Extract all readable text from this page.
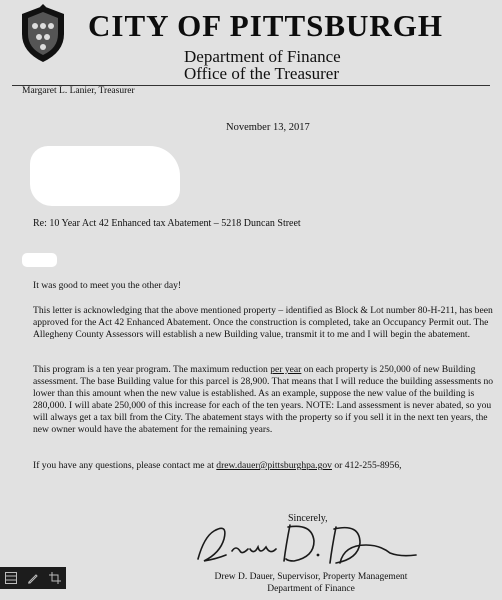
CITY OF PITTSBURGH
Department of Finance
Office of the Treasurer
Margaret L. Lanier, Treasurer
November 13, 2017
Re: 10 Year Act 42 Enhanced tax Abatement – 5218 Duncan Street
It was good to meet you the other day!
This letter is acknowledging that the above mentioned property – identified as Block & Lot number 80-H-211, has been approved for the Act 42 Enhanced Abatement. Once the construction is completed, take an Occupancy Permit out. The Allegheny County Assessors will establish a new Building value, transmit it to me and I will begin the abatement.
This program is a ten year program. The maximum reduction per year on each property is 250,000 of new Building assessment. The base Building value for this parcel is 28,900. That means that I will reduce the building assessments no lower than this amount when the new value is established. As an example, suppose the new value of the building is 280,000. I will abate 250,000 of this increase for each of the ten years. NOTE: Land assessment is never abated, so you will always get a tax bill from the City. The abatement stays with the property so if you sell it in the next ten years, the new owner would have the abatement for the remaining years.
If you have any questions, please contact me at drew.dauer@pittsburghpa.gov or 412-255-8956,
Sincerely,
Drew D. Dauer, Supervisor, Property Management
Department of Finance
